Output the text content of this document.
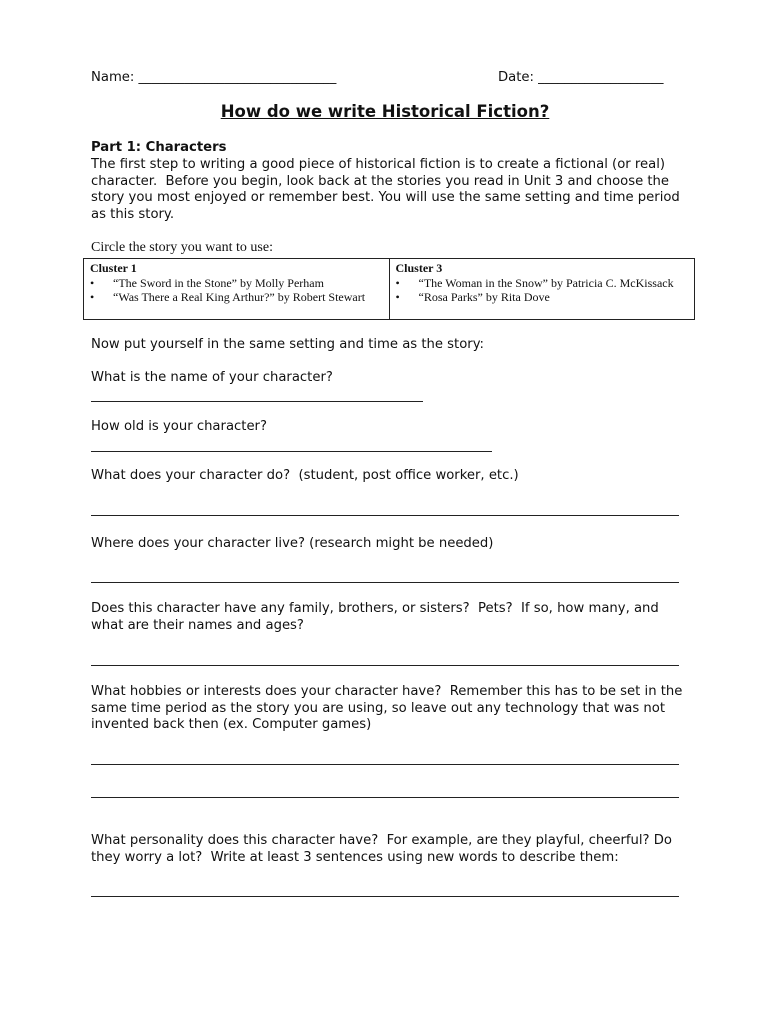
Name: ______________________________	Date: ___________________
How do we write Historical Fiction?
Part 1: Characters
The first step to writing a good piece of historical fiction is to create a fictional (or real) character.  Before you begin, look back at the stories you read in Unit 3 and choose the story you most enjoyed or remember best. You will use the same setting and time period as this story.
Circle the story you want to use:
Cluster 1
•	“The Sword in the Stone” by Molly Perham
•	“Was There a Real King Arthur?” by Robert Stewart

Cluster 3
•	“The Woman in the Snow” by Patricia C. McKissack
•	“Rosa Parks” by Rita Dove
Now put yourself in the same setting and time as the story:
What is the name of your character?
How old is your character?
What does your character do?  (student, post office worker, etc.)
Where does your character live? (research might be needed)
Does this character have any family, brothers, or sisters?  Pets?  If so, how many, and what are their names and ages?
What hobbies or interests does your character have?  Remember this has to be set in the same time period as the story you are using, so leave out any technology that was not invented back then (ex. Computer games)
What personality does this character have?  For example, are they playful, cheerful? Do they worry a lot?  Write at least 3 sentences using new words to describe them:
